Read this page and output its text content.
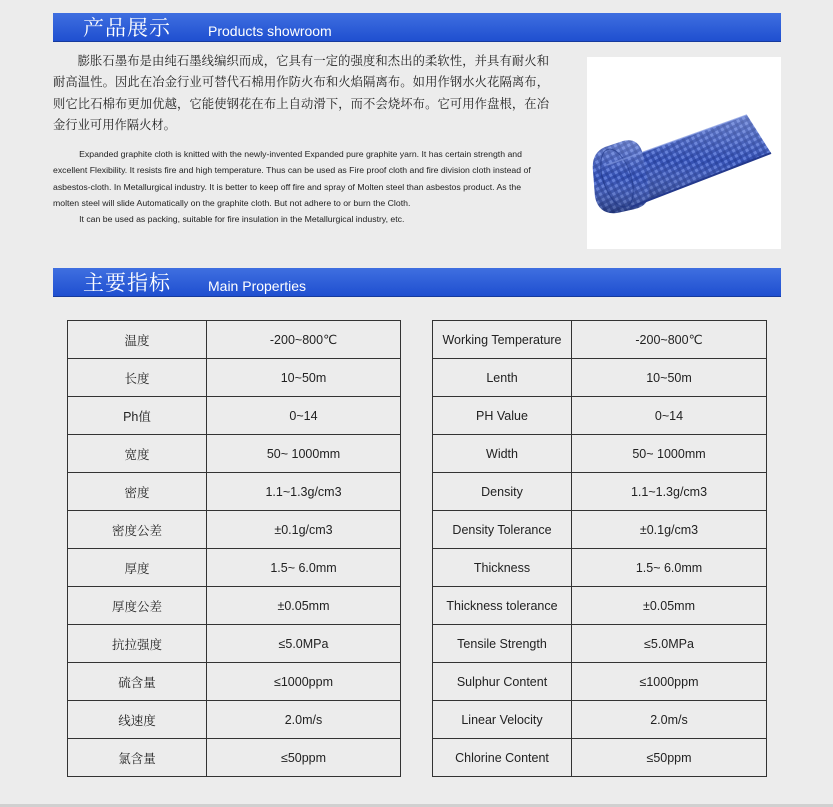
产品展示	Products showroom

膨胀石墨布是由纯石墨线编织而成，它具有一定的强度和杰出的柔软性，并具有耐火和耐高温性。因此在冶金行业可替代石棉用作防火布和火焰隔离布。如用作钢水火花隔离布，则它比石棉布更加优越，它能使钢花在布上自动滑下，而不会烧坏布。它可用作盘根，在冶金行业可用作隔火材。

Expanded graphite cloth is knitted with the newly-invented Expanded pure graphite yarn. It has certain strength and excellent Flexibility. It resists fire and high temperature. Thus can be used as Fire proof cloth and fire division cloth instead of asbestos-cloth. In Metallurgical industry. It is better to keep off fire and spray of Molten steel than asbestos product. As the molten steel will slide Automatically on the graphite cloth. But not adhere to or burn the Cloth.

It can be used as packing, suitable for fire insulation in the Metallurgical industry, etc.

主要指标	Main Properties
温度	-200~800℃
长度	10~50m
Ph值	0~14
宽度	50~ 1000mm
密度	1.1~1.3g/cm3
密度公差	±0.1g/cm3
厚度	1.5~ 6.0mm
厚度公差	±0.05mm
抗拉强度	≤5.0MPa
硫含量	≤1000ppm
线速度	2.0m/s
氯含量	≤50ppm
Working Temperature	-200~800℃
Lenth	10~50m
PH Value	0~14
Width	50~ 1000mm
Density	1.1~1.3g/cm3
Density Tolerance	±0.1g/cm3
Thickness	1.5~ 6.0mm
Thickness tolerance	±0.05mm
Tensile Strength	≤5.0MPa
Sulphur Content	≤1000ppm
Linear Velocity	2.0m/s
Chlorine Content	≤50ppm
